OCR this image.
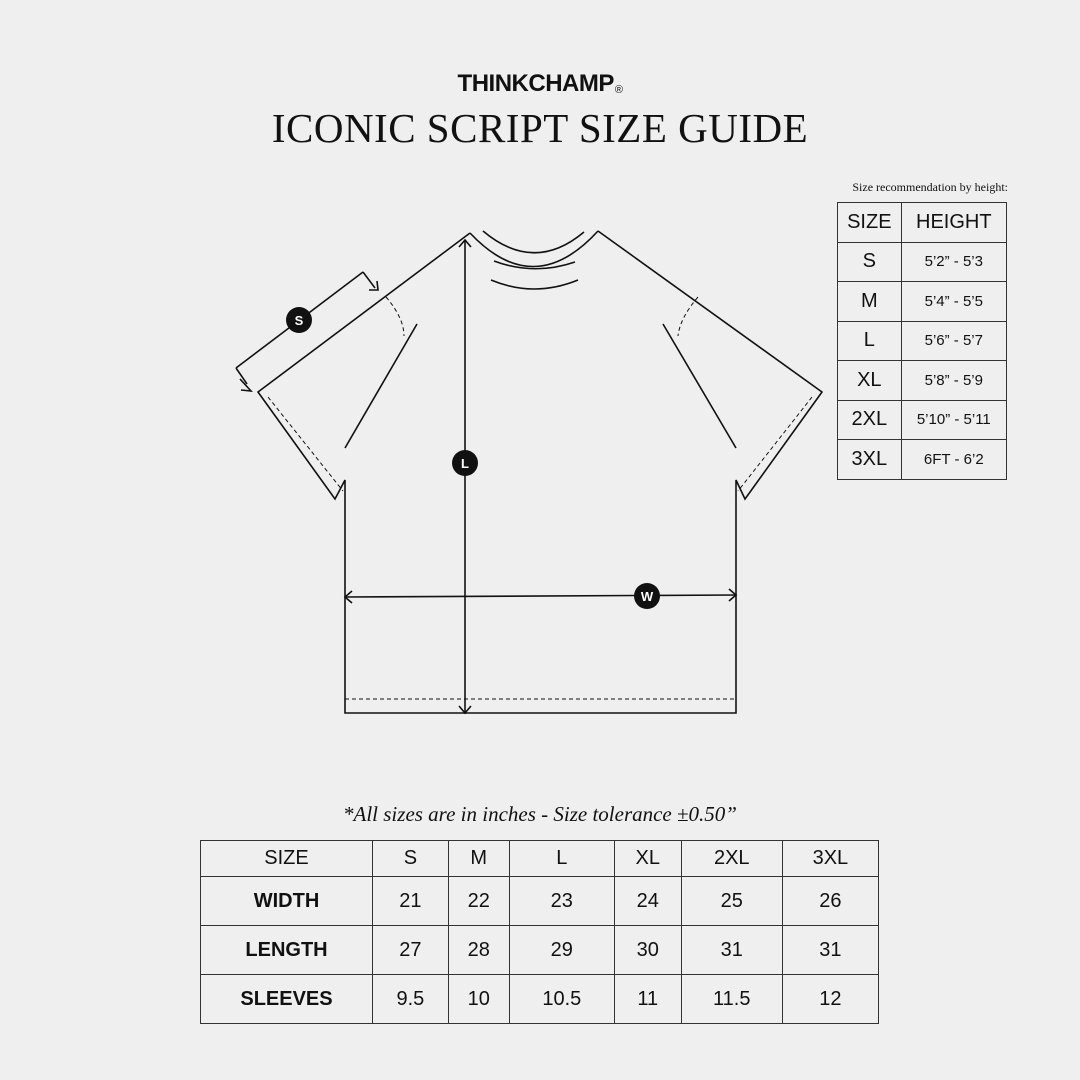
THINKCHAMP®
ICONIC SCRIPT SIZE GUIDE
S
L
W
Size recommendation by height:
SIZE	HEIGHT
S	5’2” - 5’3
M	5’4” - 5’5
L	5’6” - 5’7
XL	5’8” - 5’9
2XL	5’10” - 5’11
3XL	6FT - 6’2
*All sizes are in inches - Size tolerance ±0.50”
SIZE	S	M	L	XL	2XL	3XL
WIDTH	21	22	23	24	25	26
LENGTH	27	28	29	30	31	31
SLEEVES	9.5	10	10.5	11	11.5	12
